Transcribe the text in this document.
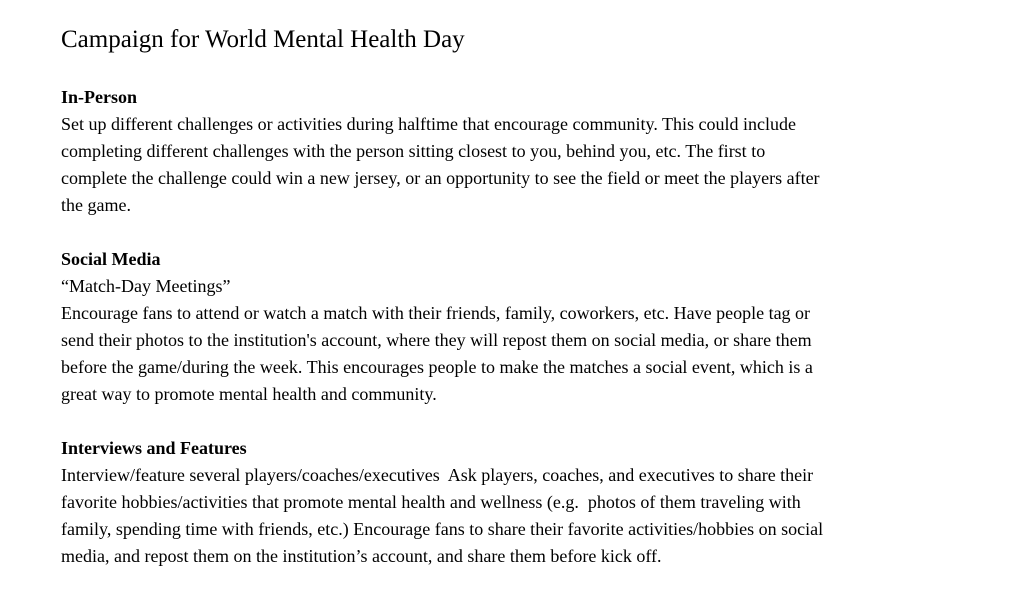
Campaign for World Mental Health Day
In-Person
Set up different challenges or activities during halftime that encourage community. This could include
completing different challenges with the person sitting closest to you, behind you, etc. The first to
complete the challenge could win a new jersey, or an opportunity to see the field or meet the players after
the game.
Social Media
“Match-Day Meetings”
Encourage fans to attend or watch a match with their friends, family, coworkers, etc. Have people tag or
send their photos to the institution's account, where they will repost them on social media, or share them
before the game/during the week. This encourages people to make the matches a social event, which is a
great way to promote mental health and community.
Interviews and Features
Interview/feature several players/coaches/executives  Ask players, coaches, and executives to share their
favorite hobbies/activities that promote mental health and wellness (e.g.  photos of them traveling with
family, spending time with friends, etc.) Encourage fans to share their favorite activities/hobbies on social
media, and repost them on the institution’s account, and share them before kick off.
